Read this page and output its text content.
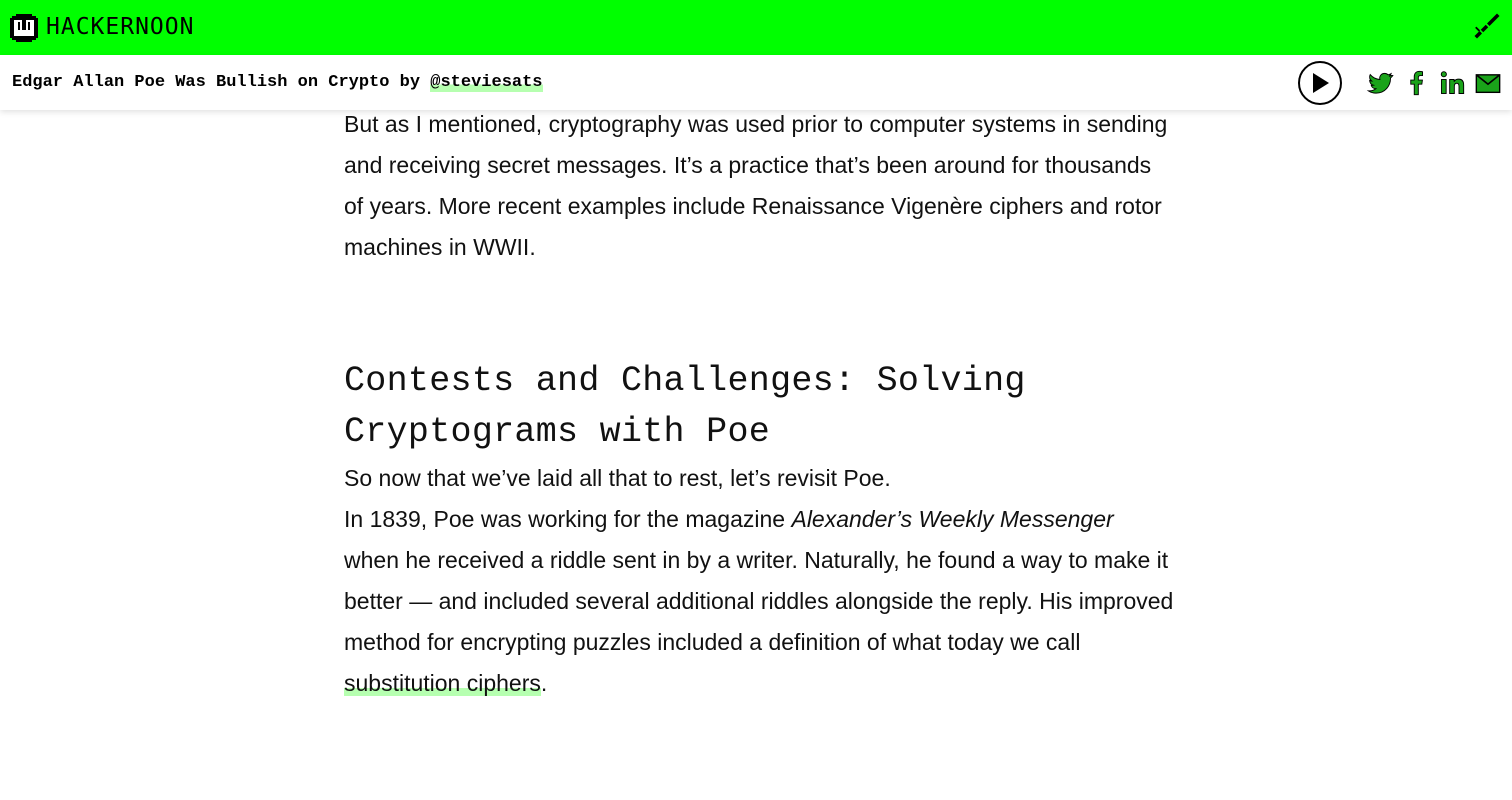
HACKERNOON
Edgar Allan Poe Was Bullish on Crypto by @steviesats

But as I mentioned, cryptography was used prior to computer systems in sending and receiving secret messages. It’s a practice that’s been around for thousands of years. More recent examples include Renaissance Vigenère ciphers and rotor machines in WWII.

Contests and Challenges: Solving Cryptograms with Poe

So now that we’ve laid all that to rest, let’s revisit Poe.

In 1839, Poe was working for the magazine Alexander’s Weekly Messenger when he received a riddle sent in by a writer. Naturally, he found a way to make it better — and included several additional riddles alongside the reply. His improved method for encrypting puzzles included a definition of what today we call substitution ciphers.
